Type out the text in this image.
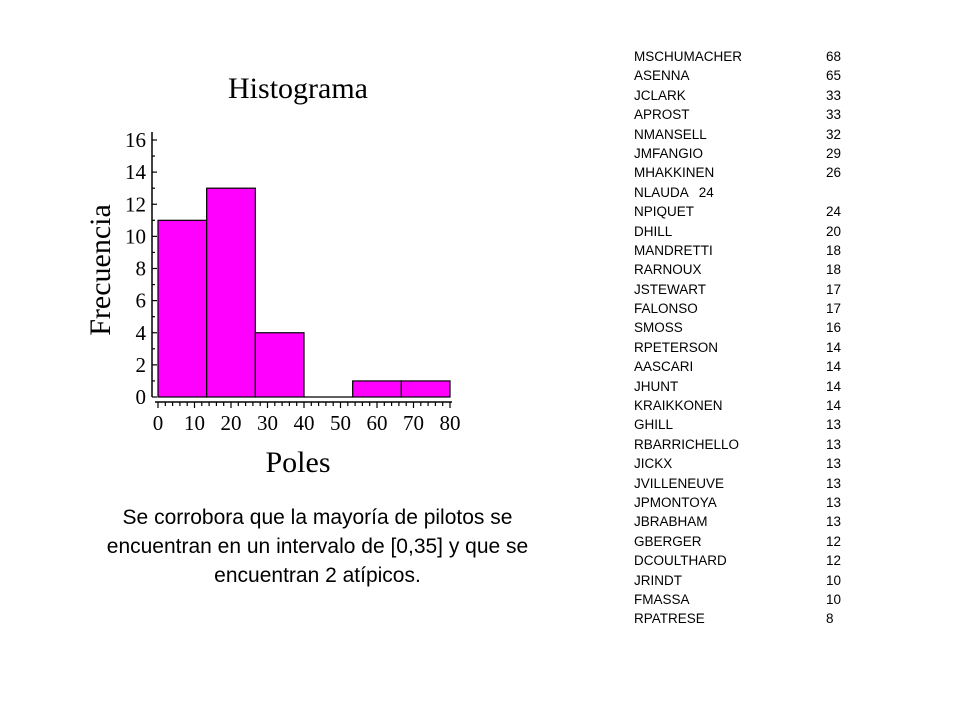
Histograma
Frecuencia
Poles
0
2
4
6
8
10
12
14
16
0 10 20 30 40 50 60 70 80
Se corrobora que la mayoría de pilotos se encuentran en un intervalo de [0,35] y que se encuentran 2 atípicos.
MSCHUMACHER	68
ASENNA	65
JCLARK	33
APROST	33
NMANSELL	32
JMFANGIO	29
MHAKKINEN	26
NLAUDA 24
NPIQUET	24
DHILL	20
MANDRETTI	18
RARNOUX	18
JSTEWART	17
FALONSO	17
SMOSS	16
RPETERSON	14
AASCARI	14
JHUNT	14
KRAIKKONEN	14
GHILL	13
RBARRICHELLO	13
JICKX	13
JVILLENEUVE	13
JPMONTOYA	13
JBRABHAM	13
GBERGER	12
DCOULTHARD	12
JRINDT	10
FMASSA	10
RPATRESE	8
